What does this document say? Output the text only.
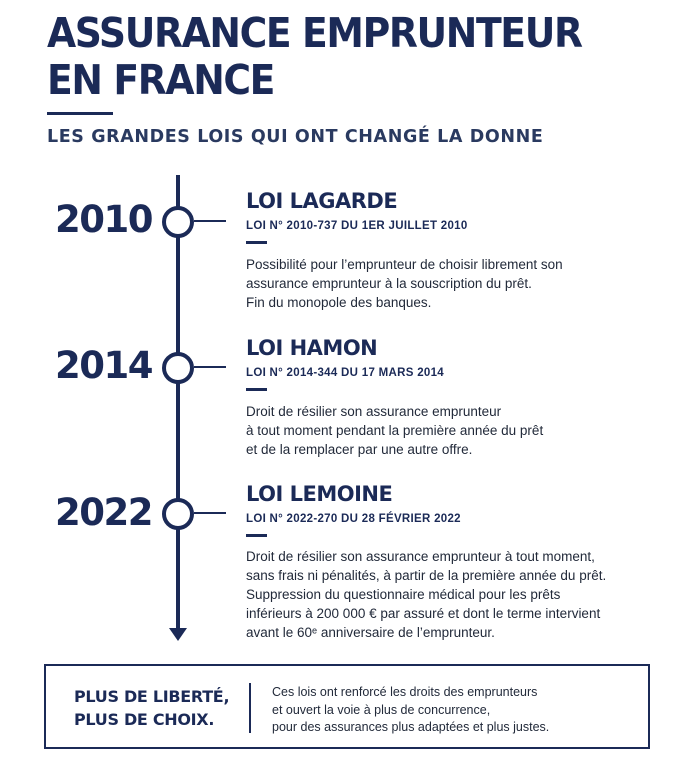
ASSURANCE EMPRUNTEUR
EN FRANCE
LES GRANDES LOIS QUI ONT CHANGÉ LA DONNE
2010	LOI LAGARDE
LOI N° 2010-737 DU 1ER JUILLET 2010

Possibilité pour l’emprunteur de choisir librement son
assurance emprunteur à la souscription du prêt.
Fin du monopole des banques.

2014	LOI HAMON
LOI N° 2014-344 DU 17 MARS 2014

Droit de résilier son assurance emprunteur
à tout moment pendant la première année du prêt
et de la remplacer par une autre offre.

2022	LOI LEMOINE
LOI N° 2022-270 DU 28 FÉVRIER 2022

Droit de résilier son assurance emprunteur à tout moment,
sans frais ni pénalités, à partir de la première année du prêt.
Suppression du questionnaire médical pour les prêts
inférieurs à 200 000 € par assuré et dont le terme intervient
avant le 60ᵉ anniversaire de l’emprunteur.

PLUS DE LIBERTÉ,
PLUS DE CHOIX.

Ces lois ont renforcé les droits des emprunteurs
et ouvert la voie à plus de concurrence,
pour des assurances plus adaptées et plus justes.
